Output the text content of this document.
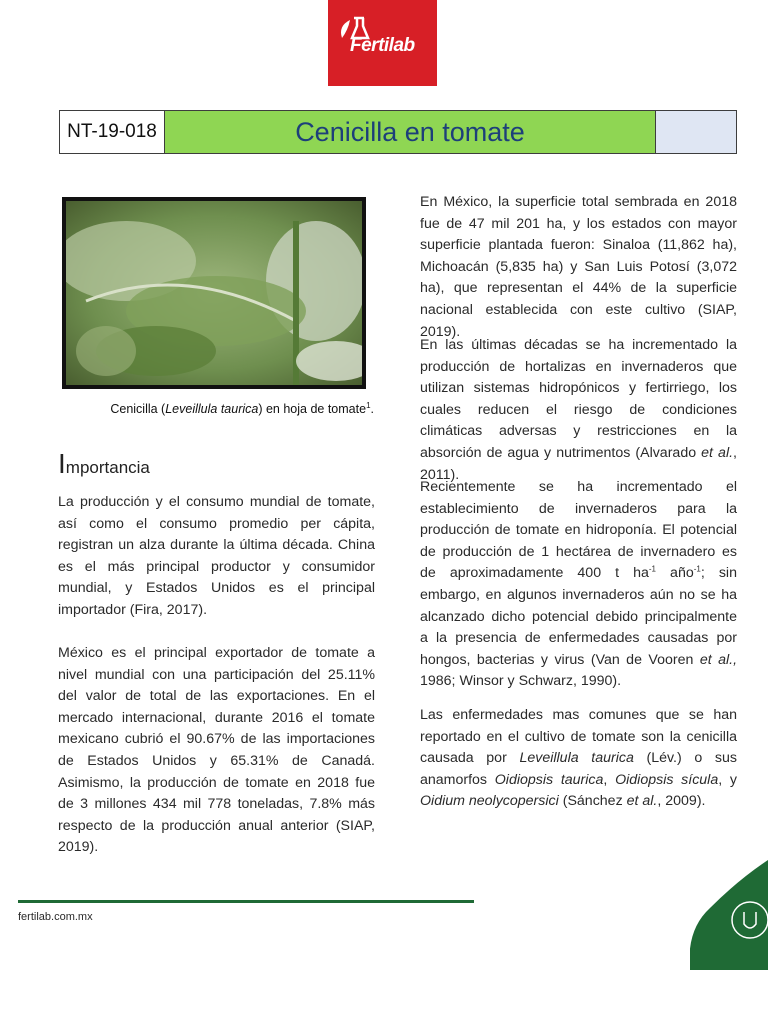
Fertilab
NT-19-018	Cenicilla en tomate
Cenicilla (Leveillula taurica) en hoja de tomate$^1$.
Importancia
La producción y el consumo mundial de tomate, así como el consumo promedio per cápita, registran un alza durante la última década. China es el más principal productor y consumidor mundial, y Estados Unidos es el principal importador (Fira, 2017).
México es el principal exportador de tomate a nivel mundial con una participación del 25.11% del valor de total de las exportaciones. En el mercado internacional, durante 2016 el tomate mexicano cubrió el 90.67% de las importaciones de Estados Unidos y 65.31% de Canadá. Asimismo, la producción de tomate en 2018 fue de 3 millones 434 mil 778 toneladas, 7.8% más respecto de la producción anual anterior (SIAP, 2019).
En México, la superficie total sembrada en 2018 fue de 47 mil 201 ha, y los estados con mayor superficie plantada fueron: Sinaloa (11,862 ha), Michoacán (5,835 ha) y San Luis Potosí (3,072 ha), que representan el 44% de la superficie nacional establecida con este cultivo (SIAP, 2019).
En las últimas décadas se ha incrementado la producción de hortalizas en invernaderos que utilizan sistemas hidropónicos y fertirriego, los cuales reducen el riesgo de condiciones climáticas adversas y restricciones en la absorción de agua y nutrimentos (Alvarado et al., 2011).
Recientemente se ha incrementado el establecimiento de invernaderos para la producción de tomate en hidroponía. El potencial de producción de 1 hectárea de invernadero es de aproximadamente 400 t $ha^{-1}$ año$^{-1}$; sin embargo, en algunos invernaderos aún no se ha alcanzado dicho potencial debido principalmente a la presencia de enfermedades causadas por hongos, bacterias y virus (Van de Vooren et al., 1986; Winsor y Schwarz, 1990).
Las enfermedades mas comunes que se han reportado en el cultivo de tomate son la cenicilla causada por Leveillula taurica (Lév.) o sus anamorfos Oidiopsis taurica, Oidiopsis sícula, y Oidium neolycopersici (Sánchez et al., 2009).
fertilab.com.mx
